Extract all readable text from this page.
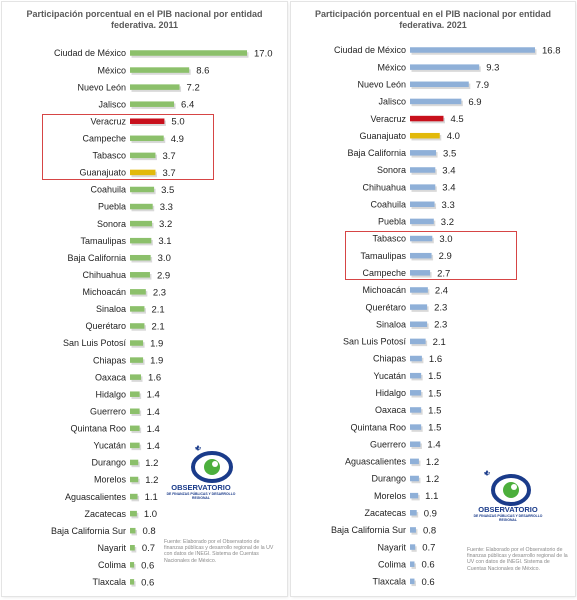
Participación porcentual en el PIB nacional por entidad federativa. 2011
Ciudad de México	17.0
México	8.6
Nuevo León	7.2
Jalisco	6.4
Veracruz	5.0
Campeche	4.9
Tabasco	3.7
Guanajuato	3.7
Coahuila	3.5
Puebla	3.3
Sonora	3.2
Tamaulipas	3.1
Baja California	3.0
Chihuahua	2.9
Michoacán	2.3
Sinaloa	2.1
Querétaro	2.1
San Luis Potosí	1.9
Chiapas	1.9
Oaxaca 1.6
Hidalgo 1.4
Guerrero 1.4
Quintana Roo 1.4
Yucatán 1.4
Durango 1.2
Morelos 1.2
Aguascalientes 1.1
Zacatecas 1.0
Baja California Sur 0.8
Nayarit 0.7
Colima 0.6
Tlaxcala 0.6
OBSERVATORIO
DE FINANZAS PÚBLICAS Y DESARROLLO REGIONAL
Fuente: Elaborado por el Observatorio de finanzas públicas y desarrollo regional de la UV con datos de INEGI. Sistema de Cuentas Nacionales de México.
Participación porcentual en el PIB nacional por entidad federativa. 2021
Ciudad de México	16.8
México	9.3
Nuevo León	7.9
Jalisco	6.9
Veracruz	4.5
Guanajuato	4.0
Baja California	3.5
Sonora	3.4
Chihuahua	3.4
Coahuila	3.3
Puebla	3.2
Tabasco	3.0
Tamaulipas	2.9
Campeche	2.7
Michoacán	2.4
Querétaro	2.3
Sinaloa	2.3
San Luis Potosí	2.1
Chiapas 1.6
Yucatán 1.5
Hidalgo 1.5
Oaxaca 1.5
Quintana Roo 1.5
Guerrero 1.4
Aguascalientes 1.2
Durango 1.2
Morelos 1.1
Zacatecas 0.9
Baja California Sur 0.8
Nayarit 0.7
Colima 0.6
Tlaxcala 0.6
OBSERVATORIO
DE FINANZAS PÚBLICAS Y DESARROLLO REGIONAL
Fuente: Elaborado por el Observatorio de finanzas públicas y desarrollo regional de la UV con datos de INEGI. Sistema de Cuentas Nacionales de México.
